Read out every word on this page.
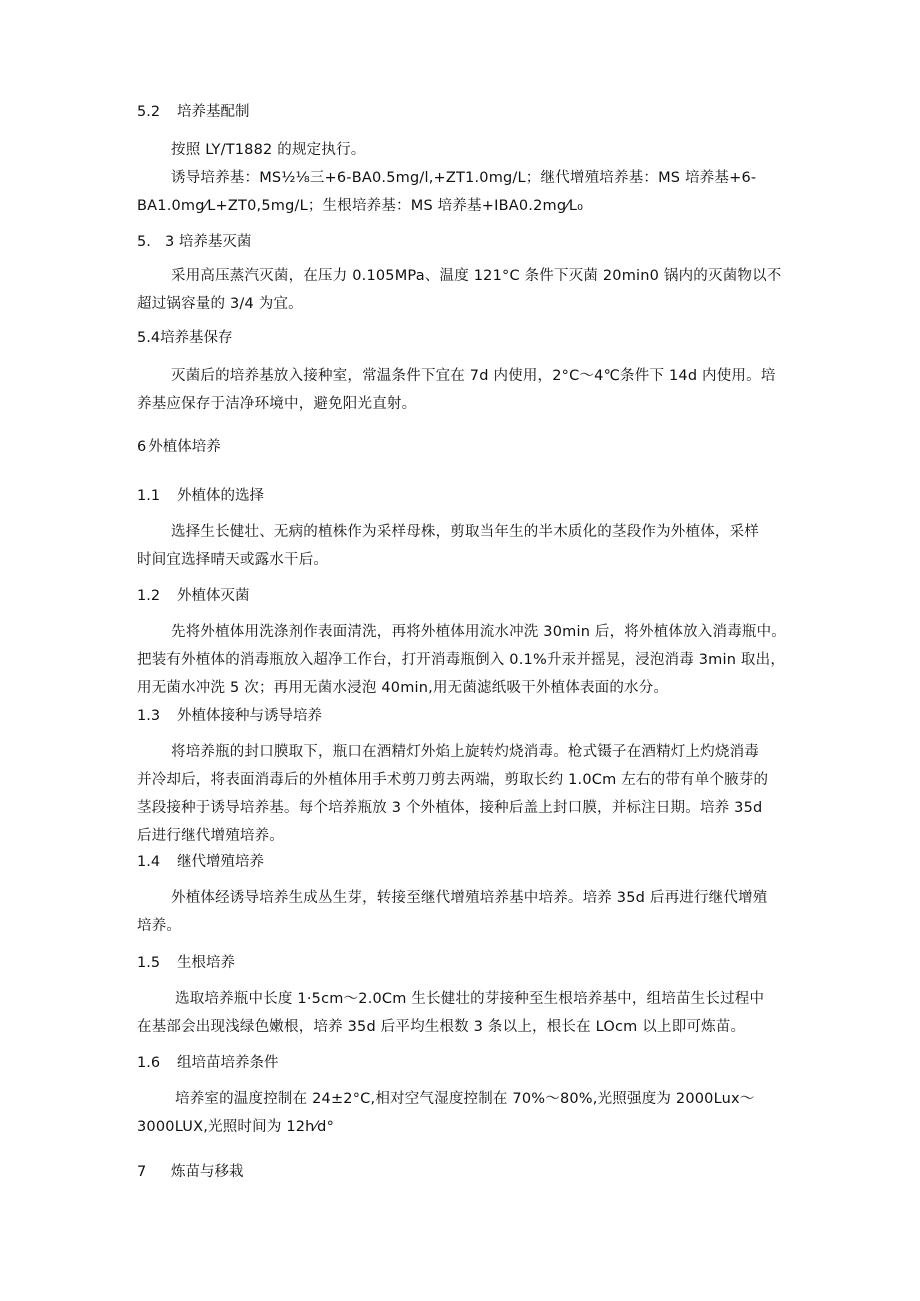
5.2 培养基配制
按照 LY/T1882 的规定执行。
诱导培养基：MS½⅛三+6-BA0.5mg/l,+ZT1.0mg/L；继代增殖培养基：MS 培养基+6-
BA1.0mg⁄L+ZT0,5mg/L；生根培养基：MS 培养基+IBA0.2mg⁄L₀
5. 3 培养基灭菌
采用高压蒸汽灭菌，在压力 0.105MPa、温度 121°C 条件下灭菌 20min0 锅内的灭菌物以不
超过锅容量的 3/4 为宜。
5.4培养基保存
灭菌后的培养基放入接种室，常温条件下宜在 7d 内使用，2°C～4℃条件下 14d 内使用。培
养基应保存于洁净环境中，避免阳光直射。
6 外植体培养
1.1 外植体的选择
选择生长健壮、无病的植株作为采样母株，剪取当年生的半木质化的茎段作为外植体，采样
时间宜选择晴天或露水干后。
1.2 外植体灭菌
先将外植体用洗涤剂作表面清洗，再将外植体用流水冲洗 30min 后，将外植体放入消毒瓶中。
把装有外植体的消毒瓶放入超净工作台，打开消毒瓶倒入 0.1%升汞并摇晃，浸泡消毒 3min 取出，
用无菌水冲洗 5 次；再用无菌水浸泡 40min,用无菌滤纸吸干外植体表面的水分。
1.3 外植体接种与诱导培养
将培养瓶的封口膜取下，瓶口在酒精灯外焰上旋转灼烧消毒。枪式镊子在酒精灯上灼烧消毒
并冷却后，将表面消毒后的外植体用手术剪刀剪去两端，剪取长约 1.0Cm 左右的带有单个腋芽的
茎段接种于诱导培养基。每个培养瓶放 3 个外植体，接种后盖上封口膜，并标注日期。培养 35d
后进行继代增殖培养。
1.4 继代增殖培养
外植体经诱导培养生成丛生芽，转接至继代增殖培养基中培养。培养 35d 后再进行继代增殖
培养。
1.5 生根培养
选取培养瓶中长度 1·5cm～2.0Cm 生长健壮的芽接种至生根培养基中，组培苗生长过程中
在基部会出现浅绿色嫩根，培养 35d 后平均生根数 3 条以上，根长在 LOcm 以上即可炼苗。
1.6 组培苗培养条件
培养室的温度控制在 24±2°C,相对空气湿度控制在 70%～80%,光照强度为 2000Lux～
3000LUX,光照时间为 12h⁄d°
7 炼苗与移栽
